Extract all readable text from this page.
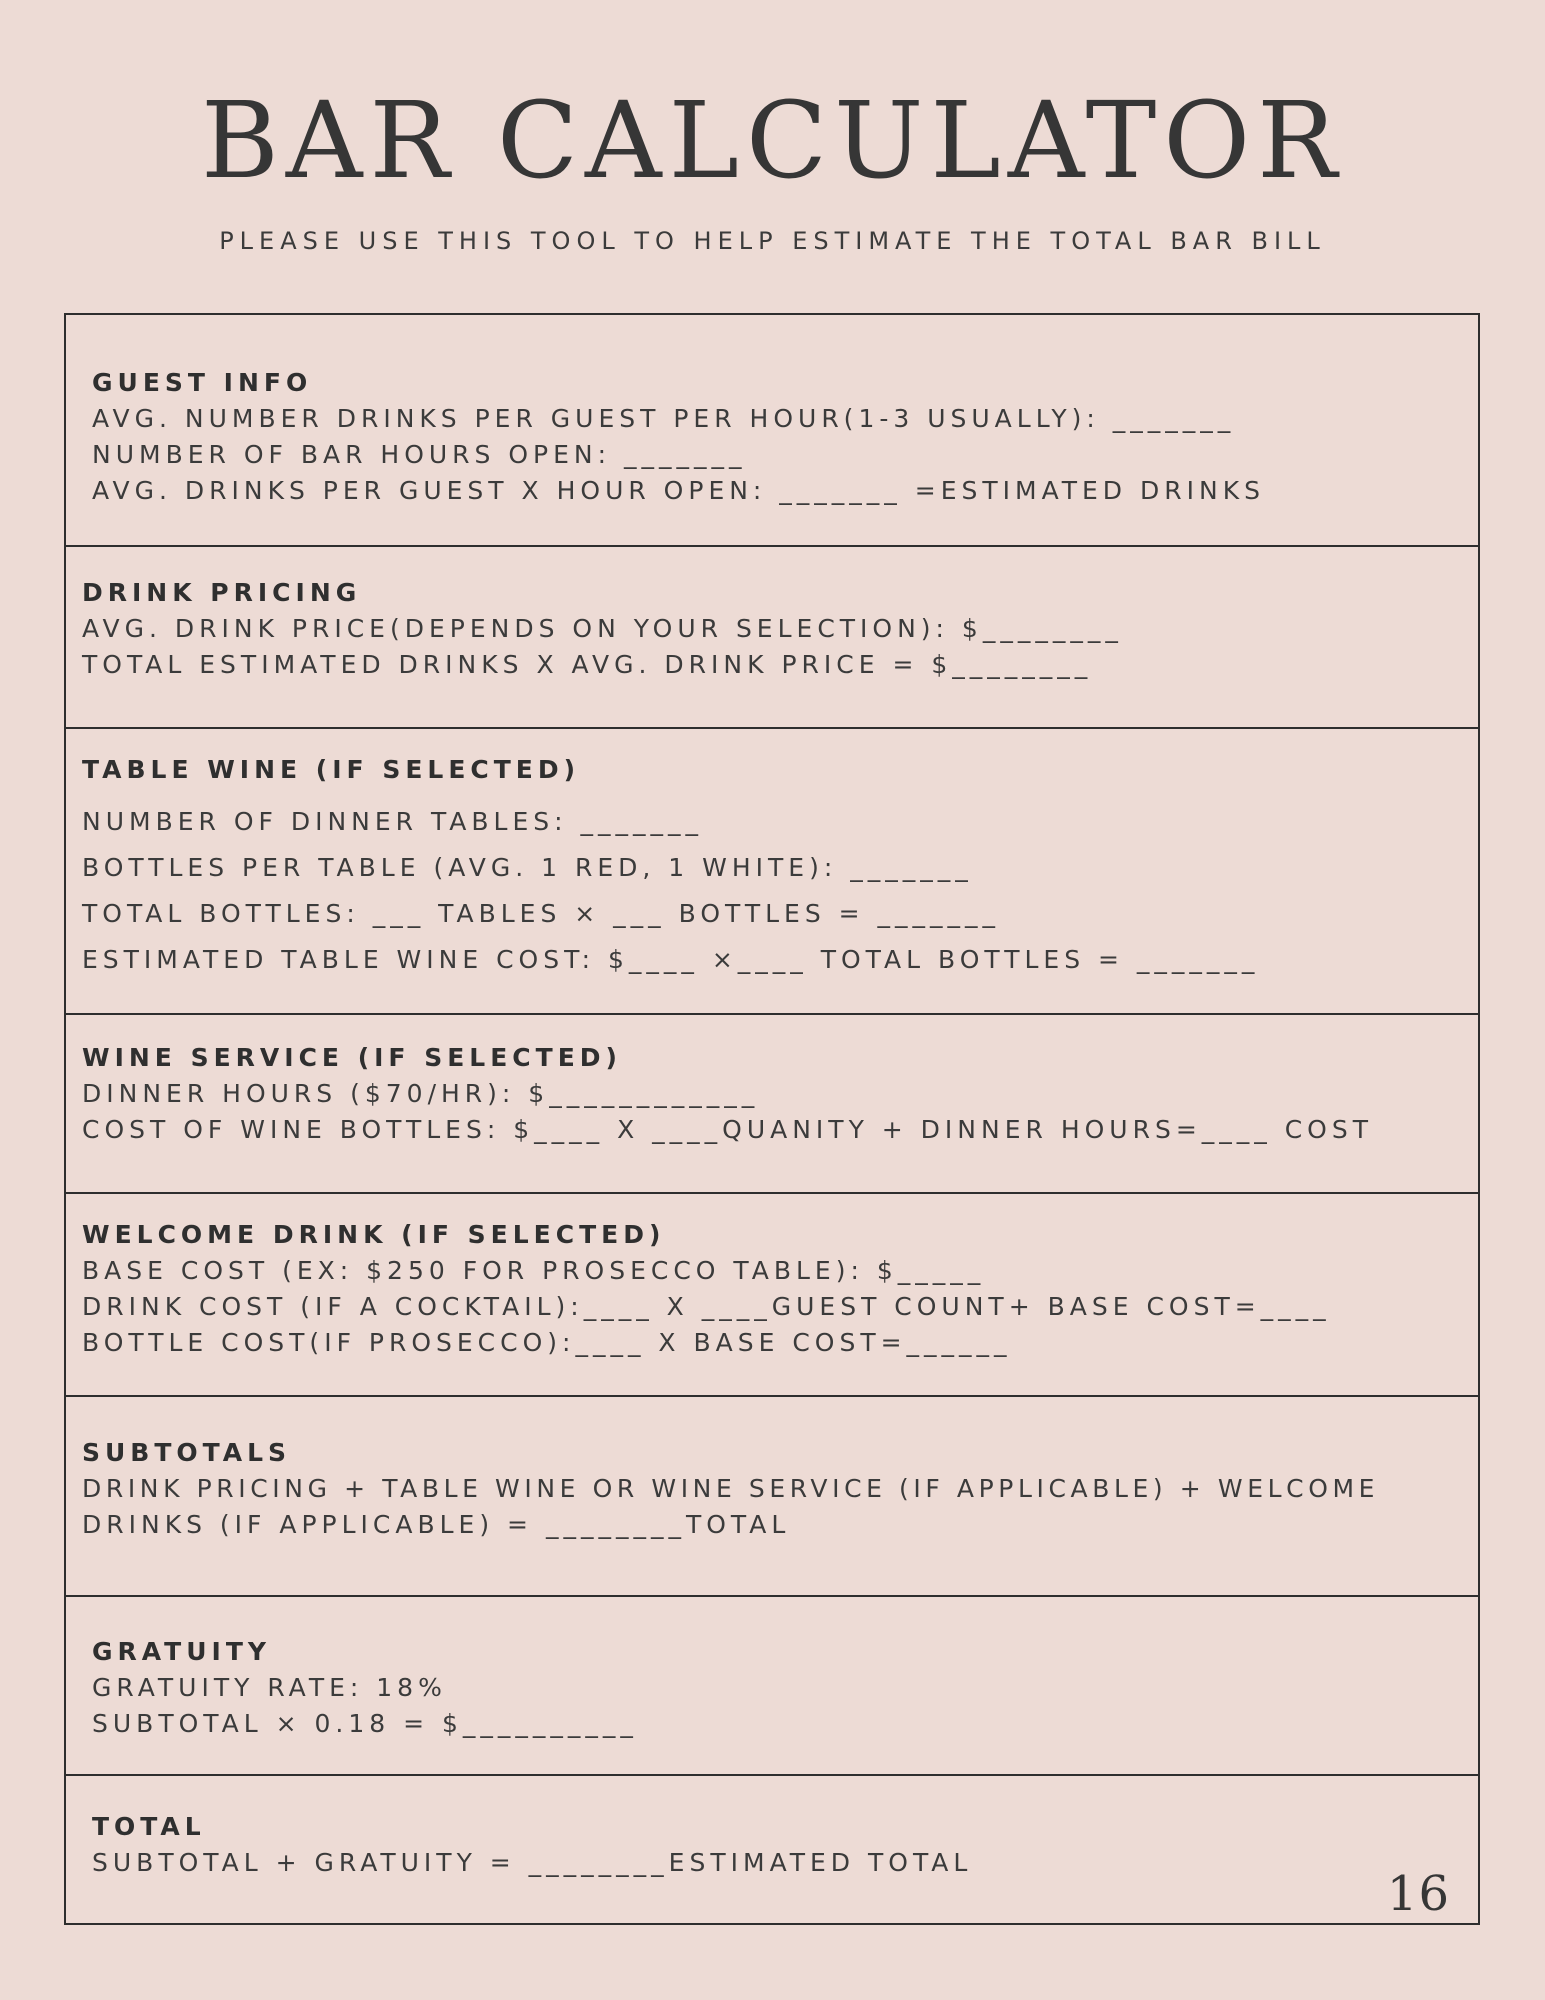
BAR CALCULATOR
PLEASE USE THIS TOOL TO HELP ESTIMATE THE TOTAL BAR BILL
GUEST INFO
AVG. NUMBER DRINKS PER GUEST PER HOUR(1-3 USUALLY): _______
NUMBER OF BAR HOURS OPEN: _______
AVG. DRINKS PER GUEST X HOUR OPEN: _______ =ESTIMATED DRINKS
DRINK PRICING
AVG. DRINK PRICE(DEPENDS ON YOUR SELECTION): $________
TOTAL ESTIMATED DRINKS X AVG. DRINK PRICE = $________
TABLE WINE (IF SELECTED)
NUMBER OF DINNER TABLES: _______
BOTTLES PER TABLE (AVG. 1 RED, 1 WHITE): _______
TOTAL BOTTLES: ___ TABLES × ___ BOTTLES = _______
ESTIMATED TABLE WINE COST: $____ ×____ TOTAL BOTTLES = _______
WINE SERVICE (IF SELECTED)
DINNER HOURS ($70/HR): $____________
COST OF WINE BOTTLES: $____ X ____QUANITY + DINNER HOURS=____ COST
WELCOME DRINK (IF SELECTED)
BASE COST (EX: $250 FOR PROSECCO TABLE): $_____
DRINK COST (IF A COCKTAIL):____ X ____GUEST COUNT+ BASE COST=____
BOTTLE COST(IF PROSECCO):____ X BASE COST=______
SUBTOTALS
DRINK PRICING + TABLE WINE OR WINE SERVICE (IF APPLICABLE) + WELCOME
DRINKS (IF APPLICABLE) = ________TOTAL
GRATUITY
GRATUITY RATE: 18%
SUBTOTAL × 0.18 = $__________
TOTAL
SUBTOTAL + GRATUITY = ________ESTIMATED TOTAL
16
